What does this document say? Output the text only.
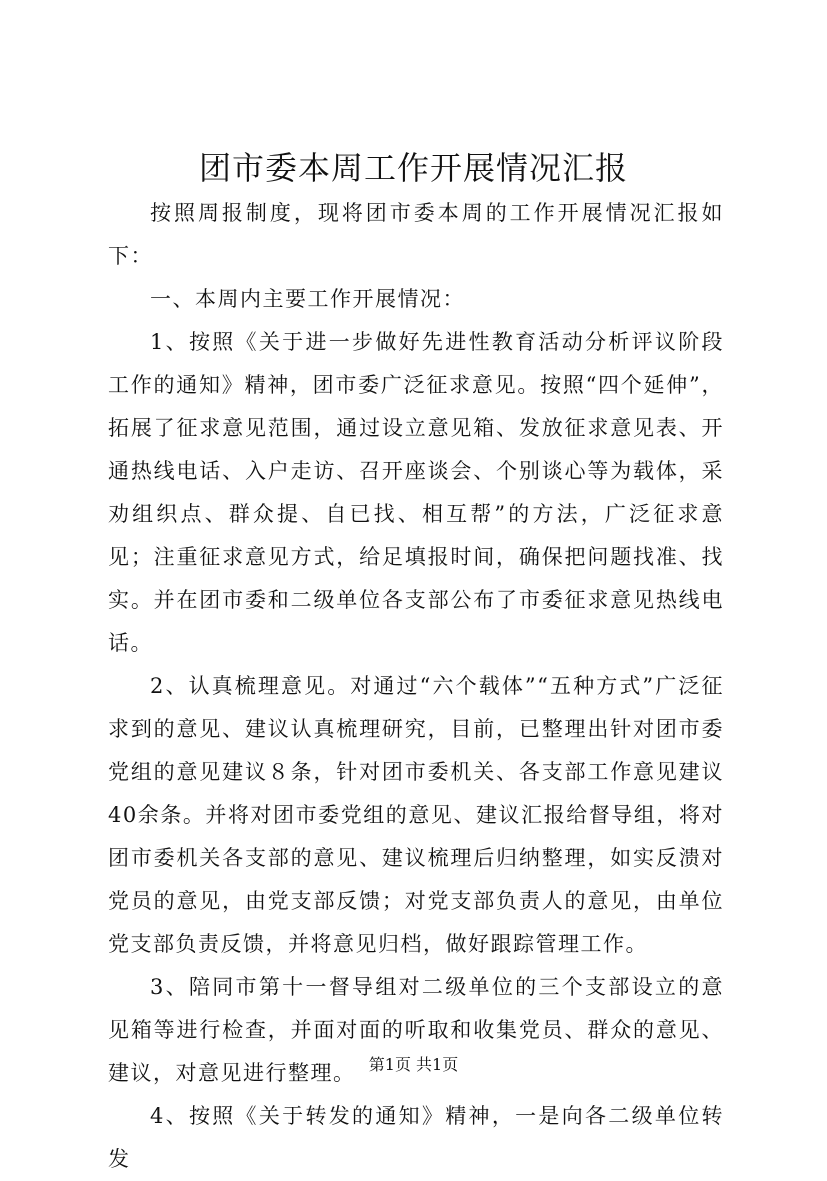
团市委本周工作开展情况汇报

按照周报制度，现将团市委本周的工作开展情况汇报如下：

一、本周内主要工作开展情况：

1、按照《关于进一步做好先进性教育活动分析评议阶段工作的通知》精神，团市委广泛征求意见。按照“四个延伸”，拓展了征求意见范围，通过设立意见箱、发放征求意见表、开通热线电话、入户走访、召开座谈会、个别谈心等为载体，采劝组织点、群众提、自已找、相互帮”的方法，广泛征求意见；注重征求意见方式，给足填报时间，确保把问题找准、找实。并在团市委和二级单位各支部公布了市委征求意见热线电话。

2、认真梳理意见。对通过“六个载体”“五种方式”广泛征求到的意见、建议认真梳理研究，目前，已整理出针对团市委党组的意见建议８条，针对团市委机关、各支部工作意见建议40余条。并将对团市委党组的意见、建议汇报给督导组，将对团市委机关各支部的意见、建议梳理后归纳整理，如实反溃对党员的意见，由党支部反馈；对党支部负责人的意见，由单位党支部负责反馈，并将意见归档，做好跟踪管理工作。

3、陪同市第十一督导组对二级单位的三个支部设立的意见箱等进行检查，并面对面的听取和收集党员、群众的意见、建议，对意见进行整理。

4、按照《关于转发的通知》精神，一是向各二级单位转发

第1页 共1页
